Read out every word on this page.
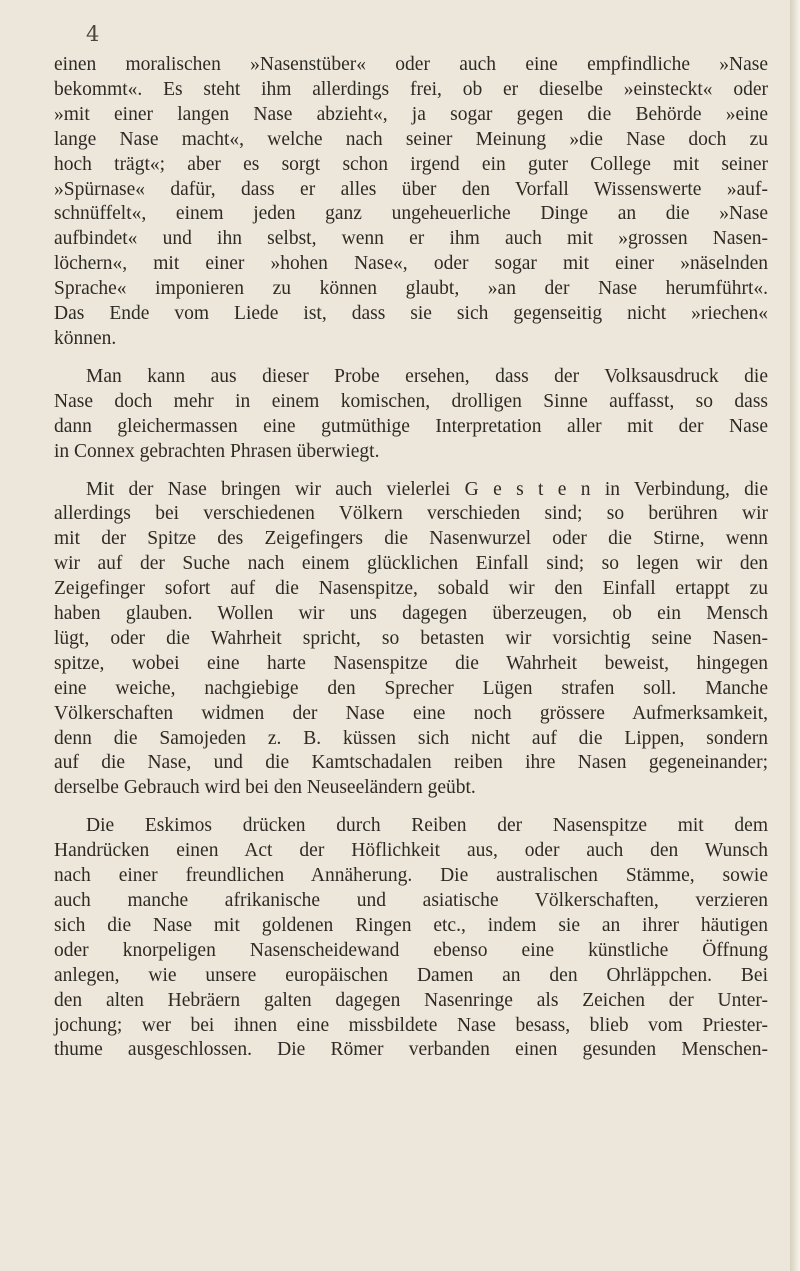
4
einen moralischen »Nasenstüber« oder auch eine empfindliche »Nase
bekommt«. Es steht ihm allerdings frei, ob er dieselbe »einsteckt« oder
»mit einer langen Nase abzieht«, ja sogar gegen die Behörde »eine
lange Nase macht«, welche nach seiner Meinung »die Nase doch zu
hoch trägt«; aber es sorgt schon irgend ein guter College mit seiner
»Spürnase« dafür, dass er alles über den Vorfall Wissenswerte »auf-
schnüffelt«, einem jeden ganz ungeheuerliche Dinge an die »Nase
aufbindet« und ihn selbst, wenn er ihm auch mit »grossen Nasen-
löchern«, mit einer »hohen Nase«, oder sogar mit einer »näselnden
Sprache« imponieren zu können glaubt, »an der Nase herumführt«.
Das Ende vom Liede ist, dass sie sich gegenseitig nicht »riechen«
können.
Man kann aus dieser Probe ersehen, dass der Volksausdruck die
Nase doch mehr in einem komischen, drolligen Sinne auffasst, so dass
dann gleichermassen eine gutmüthige Interpretation aller mit der Nase
in Connex gebrachten Phrasen überwiegt.
Mit der Nase bringen wir auch vielerlei G e s t e n in Verbindung, die
allerdings bei verschiedenen Völkern verschieden sind; so berühren wir
mit der Spitze des Zeigefingers die Nasenwurzel oder die Stirne, wenn
wir auf der Suche nach einem glücklichen Einfall sind; so legen wir den
Zeigefinger sofort auf die Nasenspitze, sobald wir den Einfall ertappt zu
haben glauben. Wollen wir uns dagegen überzeugen, ob ein Mensch
lügt, oder die Wahrheit spricht, so betasten wir vorsichtig seine Nasen-
spitze, wobei eine harte Nasenspitze die Wahrheit beweist, hingegen
eine weiche, nachgiebige den Sprecher Lügen strafen soll. Manche
Völkerschaften widmen der Nase eine noch grössere Aufmerksamkeit,
denn die Samojeden z. B. küssen sich nicht auf die Lippen, sondern
auf die Nase, und die Kamtschadalen reiben ihre Nasen gegeneinander;
derselbe Gebrauch wird bei den Neuseeländern geübt.
Die Eskimos drücken durch Reiben der Nasenspitze mit dem
Handrücken einen Act der Höflichkeit aus, oder auch den Wunsch
nach einer freundlichen Annäherung. Die australischen Stämme, sowie
auch manche afrikanische und asiatische Völkerschaften, verzieren
sich die Nase mit goldenen Ringen etc., indem sie an ihrer häutigen
oder knorpeligen Nasenscheidewand ebenso eine künstliche Öffnung
anlegen, wie unsere europäischen Damen an den Ohrläppchen. Bei
den alten Hebräern galten dagegen Nasenringe als Zeichen der Unter-
jochung; wer bei ihnen eine missbildete Nase besass, blieb vom Priester-
thume ausgeschlossen. Die Römer verbanden einen gesunden Menschen-
